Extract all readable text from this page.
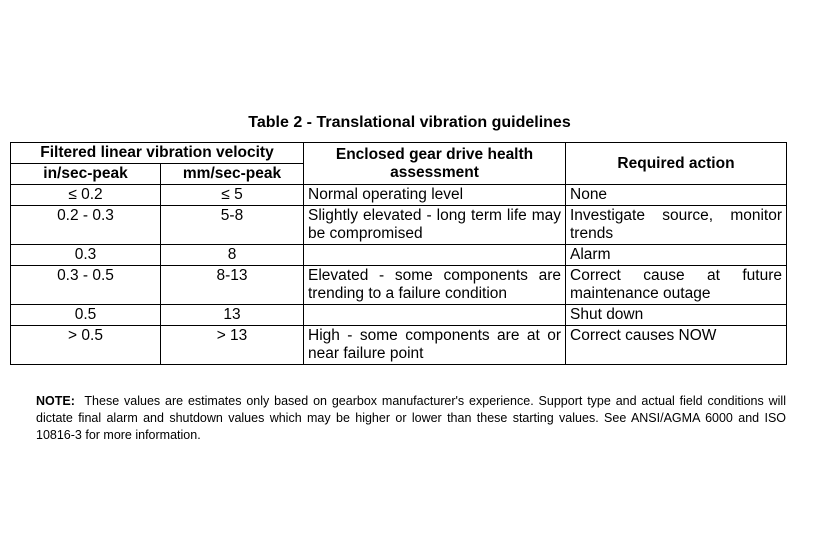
Table 2 - Translational vibration guidelines
Filtered linear vibration velocity		Enclosed gear drive health assessment	Required action
in/sec-peak	mm/sec-peak		
≤ 0.2	≤ 5	Normal operating level	None
0.2 - 0.3	5-8	Slightly elevated - long term life may be compromised	Investigate source, monitor trends
0.3	8		Alarm
0.3 - 0.5	8-13	Elevated - some components are trending to a failure condition	Correct cause at future maintenance outage
0.5	13		Shut down
> 0.5	> 13	High - some components are at or near failure point	Correct causes NOW
NOTE: These values are estimates only based on gearbox manufacturer's experience. Support type and actual field conditions will dictate final alarm and shutdown values which may be higher or lower than these starting values. See ANSI/AGMA 6000 and ISO 10816-3 for more information.
